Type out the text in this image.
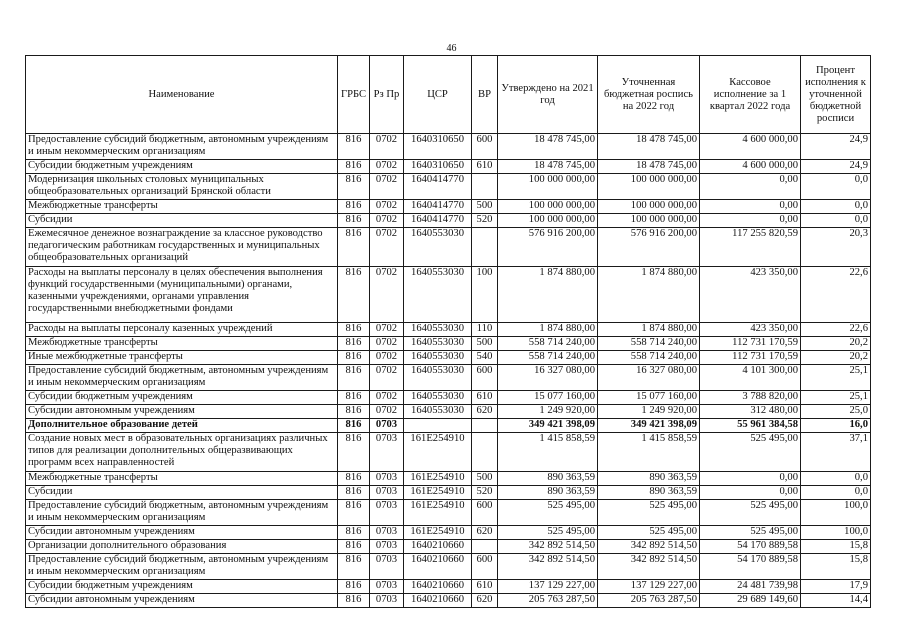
46
Наименование	ГРБС	Рз Пр	ЦСР	ВР	Утверждено на 2021 год	Уточненная бюджетная роспись на 2022 год	Кассовое исполнение за 1 квартал 2022 года	Процент исполнения к уточненной бюджетной росписи
Предоставление субсидий бюджетным, автономным учреждениям и иным некоммерческим организациям	816	0702	1640310650	600	18 478 745,00	18 478 745,00	4 600 000,00	24,9
Субсидии бюджетным учреждениям	816	0702	1640310650	610	18 478 745,00	18 478 745,00	4 600 000,00	24,9
Модернизация школьных столовых муниципальных общеобразовательных организаций Брянской области	816	0702	1640414770		100 000 000,00	100 000 000,00	0,00	0,0
Межбюджетные трансферты	816	0702	1640414770	500	100 000 000,00	100 000 000,00	0,00	0,0
Субсидии	816	0702	1640414770	520	100 000 000,00	100 000 000,00	0,00	0,0
Ежемесячное денежное вознаграждение за классное руководство педагогическим работникам государственных и муниципальных общеобразовательных организаций	816	0702	1640553030		576 916 200,00	576 916 200,00	117 255 820,59	20,3
Расходы на выплаты персоналу в целях обеспечения выполнения функций государственными (муниципальными) органами, казенными учреждениями, органами управления государственными внебюджетными фондами	816	0702	1640553030	100	1 874 880,00	1 874 880,00	423 350,00	22,6
Расходы на выплаты персоналу казенных учреждений	816	0702	1640553030	110	1 874 880,00	1 874 880,00	423 350,00	22,6
Межбюджетные трансферты	816	0702	1640553030	500	558 714 240,00	558 714 240,00	112 731 170,59	20,2
Иные межбюджетные трансферты	816	0702	1640553030	540	558 714 240,00	558 714 240,00	112 731 170,59	20,2
Предоставление субсидий бюджетным, автономным учреждениям и иным некоммерческим организациям	816	0702	1640553030	600	16 327 080,00	16 327 080,00	4 101 300,00	25,1
Субсидии бюджетным учреждениям	816	0702	1640553030	610	15 077 160,00	15 077 160,00	3 788 820,00	25,1
Субсидии автономным учреждениям	816	0702	1640553030	620	1 249 920,00	1 249 920,00	312 480,00	25,0
Дополнительное образование детей	816	0703			349 421 398,09	349 421 398,09	55 961 384,58	16,0
Создание новых мест в образовательных организациях различных типов для реализации дополнительных общеразвивающих программ всех направленностей	816	0703	161E254910		1 415 858,59	1 415 858,59	525 495,00	37,1
Межбюджетные трансферты	816	0703	161E254910	500	890 363,59	890 363,59	0,00	0,0
Субсидии	816	0703	161E254910	520	890 363,59	890 363,59	0,00	0,0
Предоставление субсидий бюджетным, автономным учреждениям и иным некоммерческим организациям	816	0703	161E254910	600	525 495,00	525 495,00	525 495,00	100,0
Субсидии автономным учреждениям	816	0703	161E254910	620	525 495,00	525 495,00	525 495,00	100,0
Организации дополнительного образования	816	0703	1640210660		342 892 514,50	342 892 514,50	54 170 889,58	15,8
Предоставление субсидий бюджетным, автономным учреждениям и иным некоммерческим организациям	816	0703	1640210660	600	342 892 514,50	342 892 514,50	54 170 889,58	15,8
Субсидии бюджетным учреждениям	816	0703	1640210660	610	137 129 227,00	137 129 227,00	24 481 739,98	17,9
Субсидии автономным учреждениям	816	0703	1640210660	620	205 763 287,50	205 763 287,50	29 689 149,60	14,4
